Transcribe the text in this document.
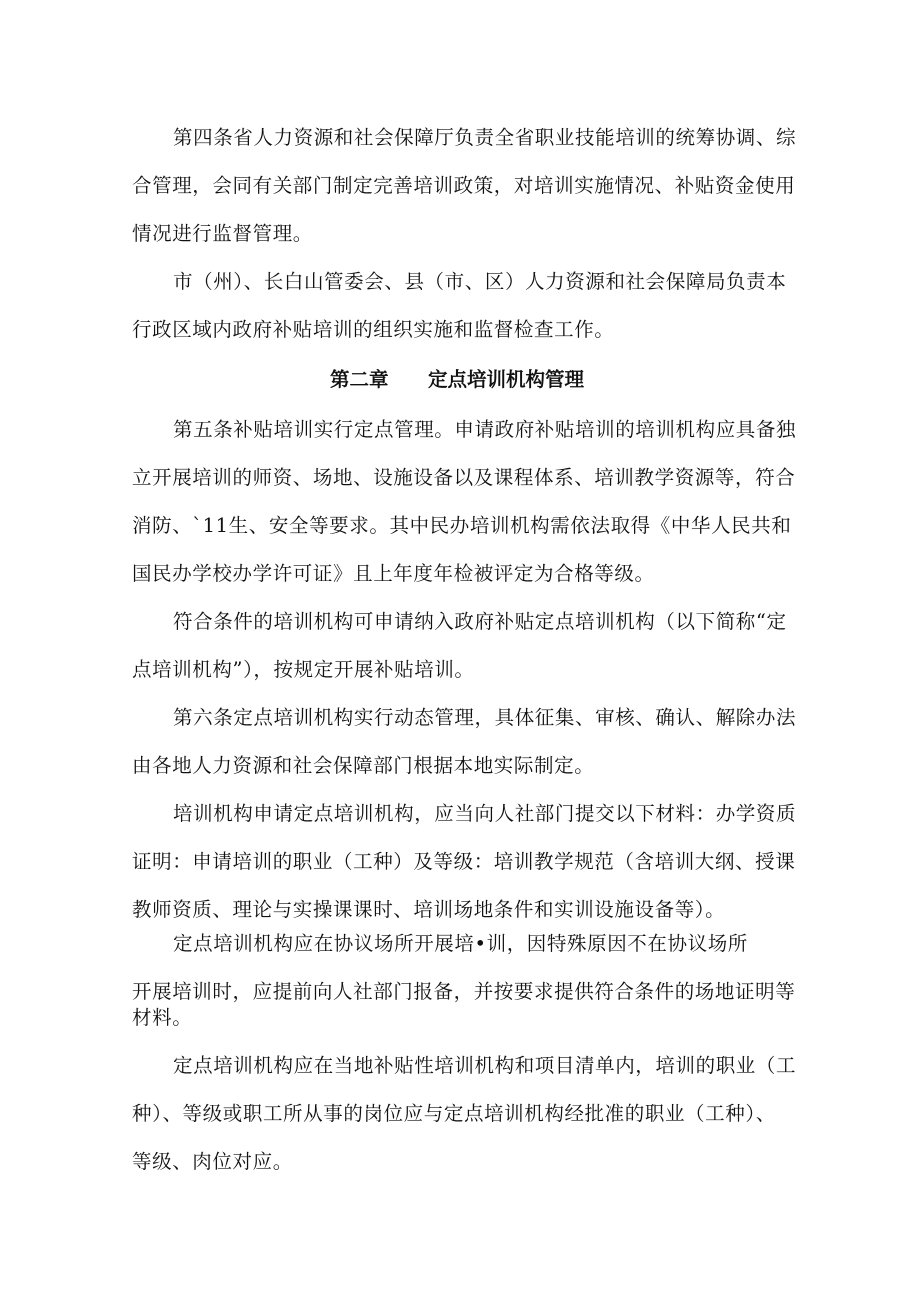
第四条省人力资源和社会保障厅负责全省职业技能培训的统筹协调、综
合管理，会同有关部门制定完善培训政策，对培训实施情况、补贴资金使用
情况进行监督管理。
市（州）、长白山管委会、县（市、区）人力资源和社会保障局负责本
行政区域内政府补贴培训的组织实施和监督检查工作。
第二章 定点培训机构管理
第五条补贴培训实行定点管理。申请政府补贴培训的培训机构应具备独
立开展培训的师资、场地、设施设备以及课程体系、培训教学资源等，符合
消防、`11生、安全等要求。其中民办培训机构需依法取得《中华人民共和
国民办学校办学许可证》且上年度年检被评定为合格等级。
符合条件的培训机构可申请纳入政府补贴定点培训机构（以下简称“定
点培训机构”），按规定开展补贴培训。
第六条定点培训机构实行动态管理，具体征集、审核、确认、解除办法
由各地人力资源和社会保障部门根据本地实际制定。
培训机构申请定点培训机构，应当向人社部门提交以下材料：办学资质
证明：申请培训的职业（工种）及等级：培训教学规范（含培训大纲、授课
教师资质、理论与实操课课时、培训场地条件和实训设施设备等）。
定点培训机构应在协议场所开展培•训，因特殊原因不在协议场所
开展培训时，应提前向人社部门报备，并按要求提供符合条件的场地证明等
材料。
定点培训机构应在当地补贴性培训机构和项目清单内，培训的职业（工
种）、等级或职工所从事的岗位应与定点培训机构经批准的职业（工种）、
等级、肉位对应。
